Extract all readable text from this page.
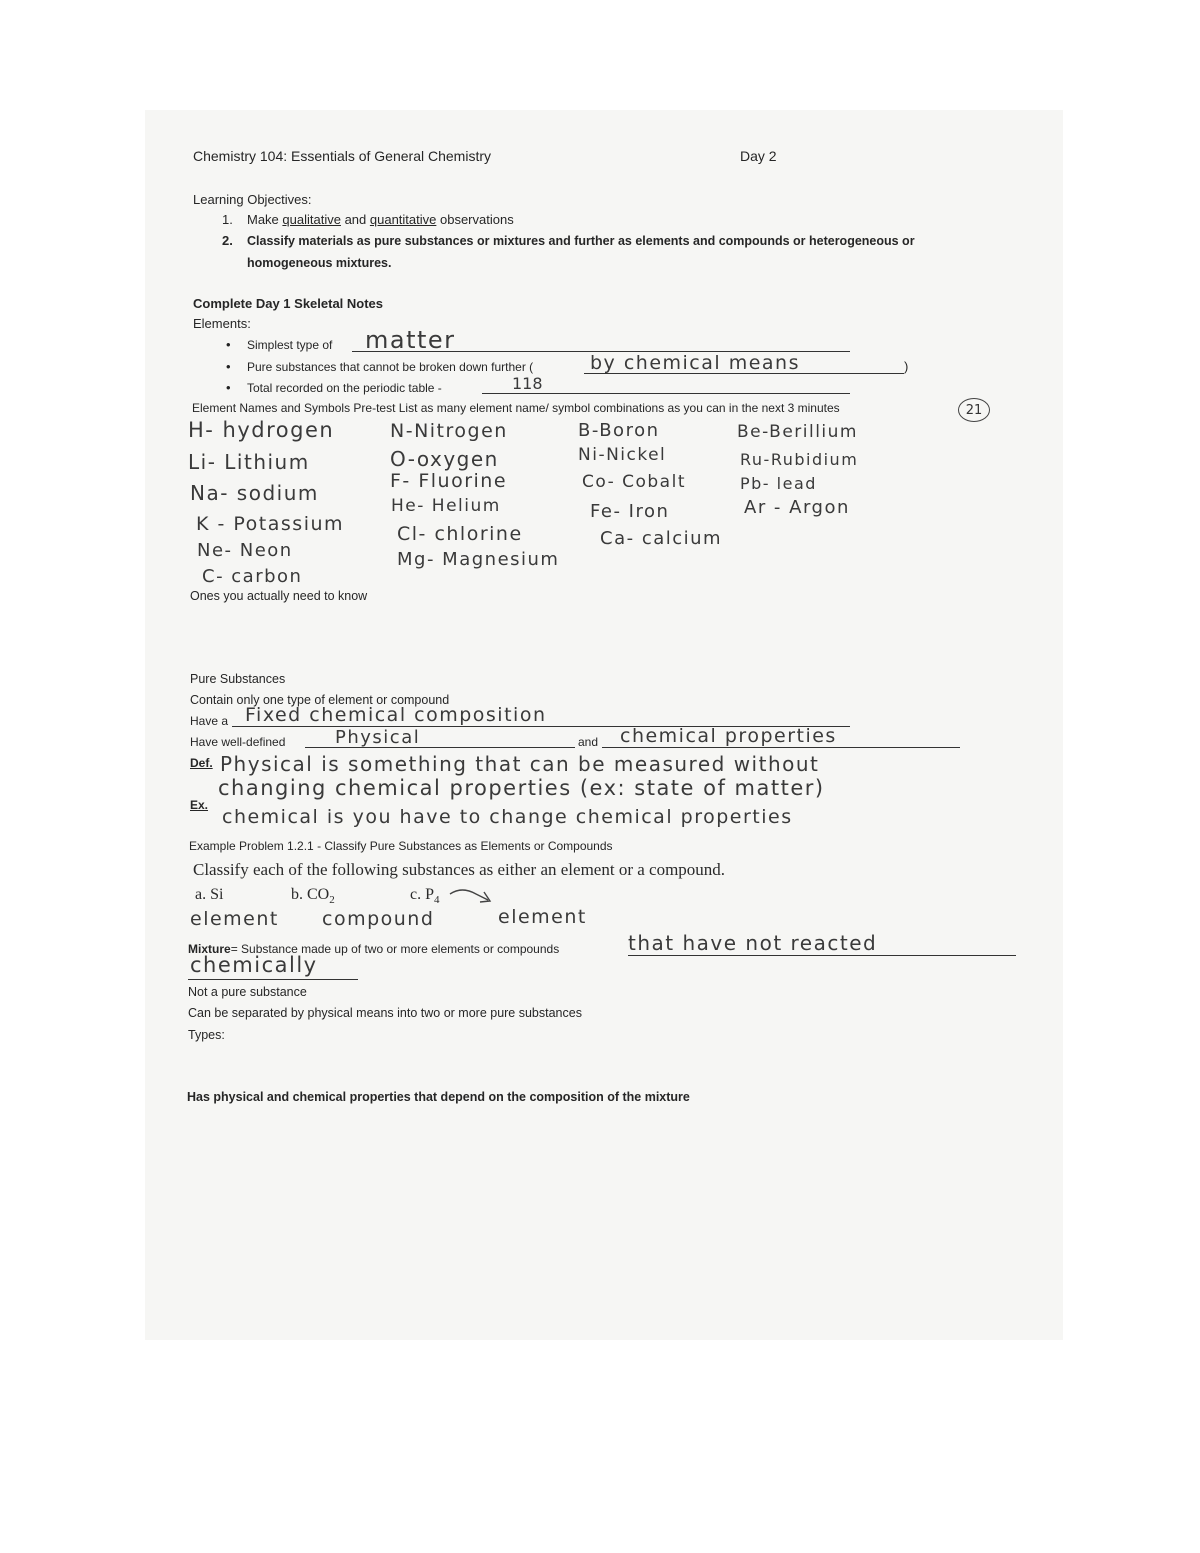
Chemistry 104: Essentials of General Chemistry	Day 2
Learning Objectives:
1. Make qualitative and quantitative observations
2. Classify materials as pure substances or mixtures and further as elements and compounds or heterogeneous or
homogeneous mixtures.
Complete Day 1 Skeletal Notes
Elements:
• Simplest type of matter
• Pure substances that cannot be broken down further (	by chemical means	)
• Total recorded on the periodic table -	118
Element Names and Symbols Pre-test List as many element name/ symbol combinations as you can in the next 3 minutes	21
H- hydrogen
Li- Lithium
Na- sodium
K - Potassium
Ne- Neon
C- carbon
N-Nitrogen
O-oxygen
F- Fluorine
He- Helium
Cl- chlorine
Mg- Magnesium
B-Boron
Ni-Nickel
Co- Cobalt
Fe- Iron
Ca- calcium
Be-Berillium
Ru-Rubidium
Pb- lead
Ar - Argon
Ones you actually need to know
Pure Substances
Contain only one type of element or compound
Have a Fixed chemical composition
Have well-defined	Physical	and chemical properties
Def. Physical is something that can be measured without
Ex.
changing chemical properties (ex: state of matter)
chemical is you have to change chemical properties
Example Problem 1.2.1 - Classify Pure Substances as Elements or Compounds
Classify each of the following substances as either an element or a compound.
a. Si	b. $CO_2$	c. $P_4$
element compound	element
Mixture= Substance made up of two or more elements or compounds	that have not reacted
chemically
Not a pure substance
Can be separated by physical means into two or more pure substances
Types:
Has physical and chemical properties that depend on the composition of the mixture
